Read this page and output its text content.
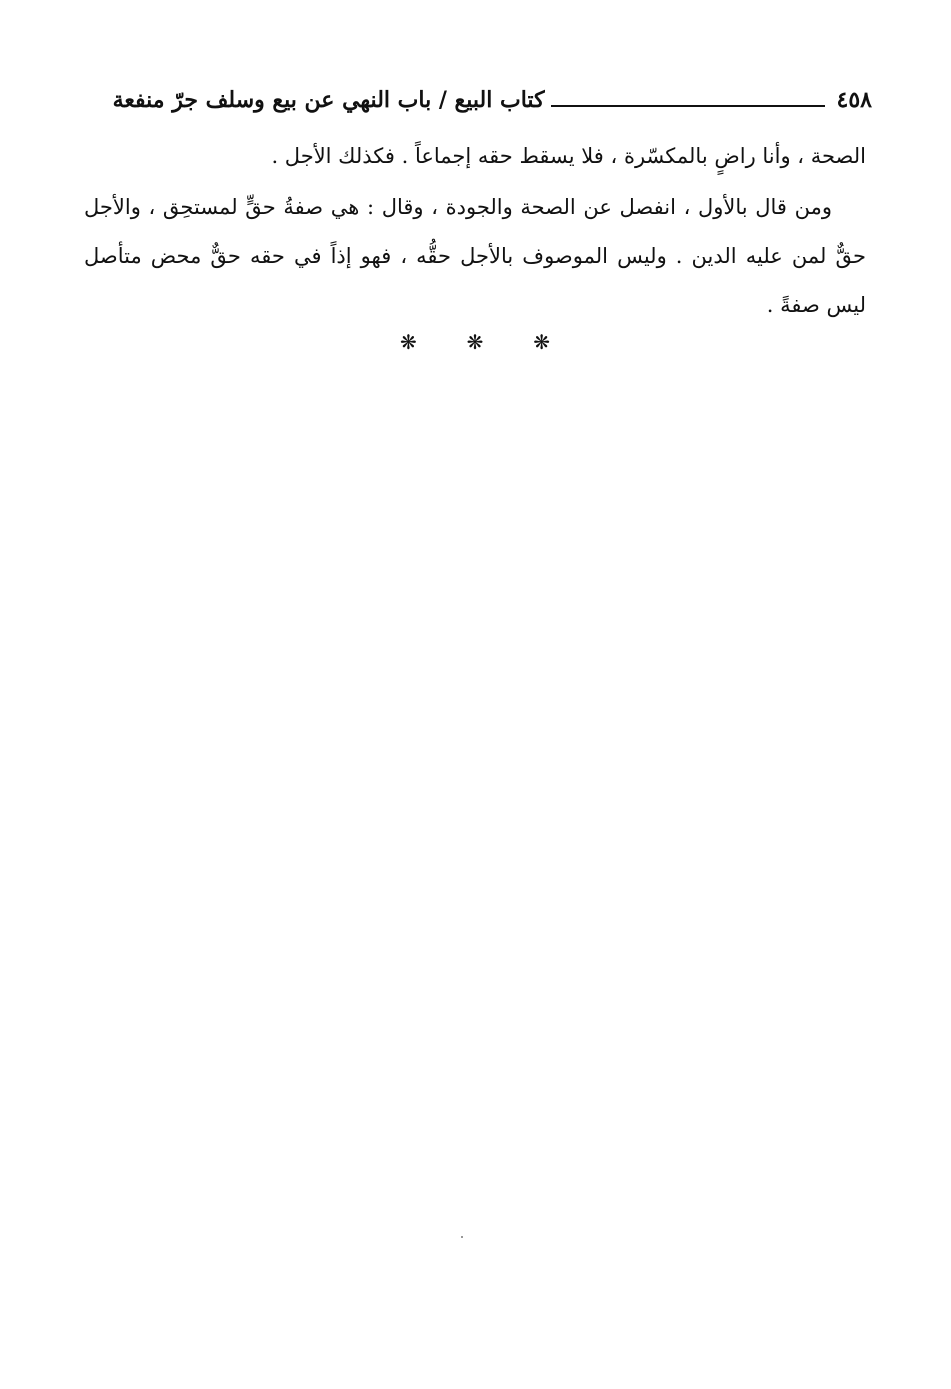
٤٥٨
كتاب البيع / باب النهي عن بيع وسلف جرّ منفعة

الصحة ، وأنا راضٍ بالمكسّرة ، فلا يسقط حقه إجماعاً . فكذلك الأجل .

ومن قال بالأول ، انفصل عن الصحة والجودة ، وقال : هي صفةُ حقٍّ لمستحِق ، والأجل حقٌّ لمن عليه الدين . وليس الموصوف بالأجل حقُّه ، فهو إذاً في حقه حقٌّ محض متأصل ليس صفةً .

❋
❋
❋
